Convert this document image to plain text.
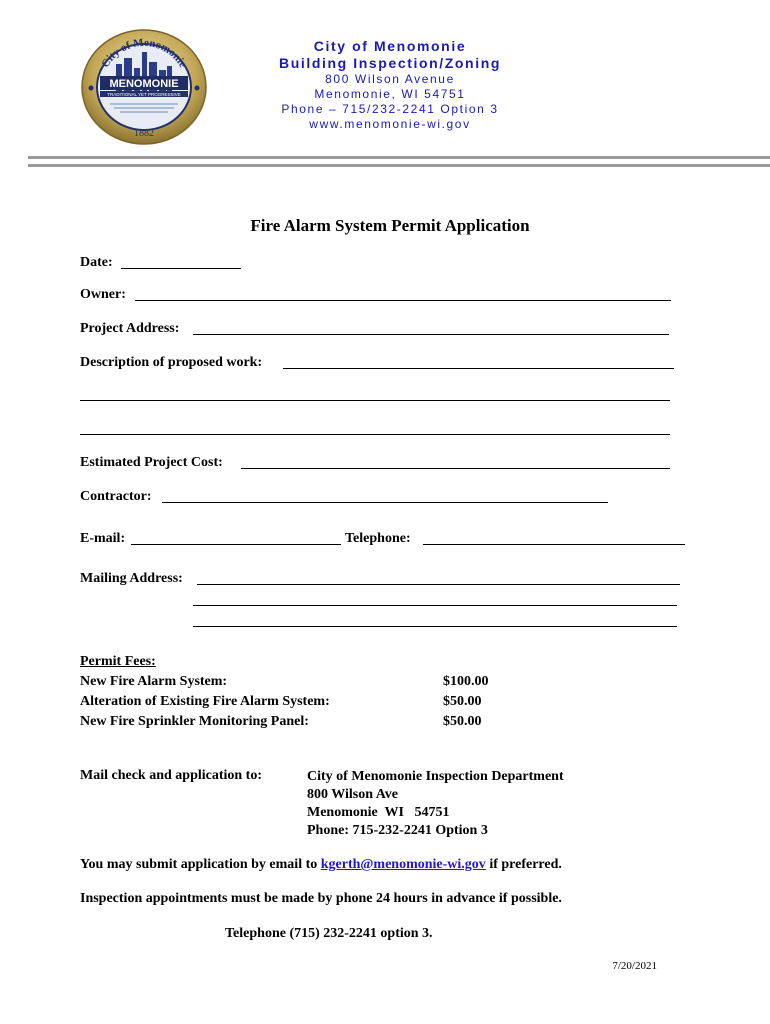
MENOMONIE
TRADITIONAL YET PROGRESSIVE
City of Menomonie
1882
City of Menomonie
Building Inspection/Zoning
800 Wilson Avenue
Menomonie, WI 54751
Phone – 715/232-2241 Option 3
www.menomonie-wi.gov
Fire Alarm System Permit Application
Date:
Owner:
Project Address:
Description of proposed work:
Estimated Project Cost:
Contractor:
E-mail:	Telephone:
Mailing Address:
Permit Fees:
New Fire Alarm System:
Alteration of Existing Fire Alarm System:
New Fire Sprinkler Monitoring Panel:
$100.00
$50.00
$50.00
Mail check and application to:	City of Menomonie Inspection Department
800 Wilson Ave
Menomonie  WI   54751
Phone: 715-232-2241 Option 3
You may submit application by email to kgerth@menomonie-wi.gov if preferred.
Inspection appointments must be made by phone 24 hours in advance if possible.
Telephone (715) 232-2241 option 3.
7/20/2021
